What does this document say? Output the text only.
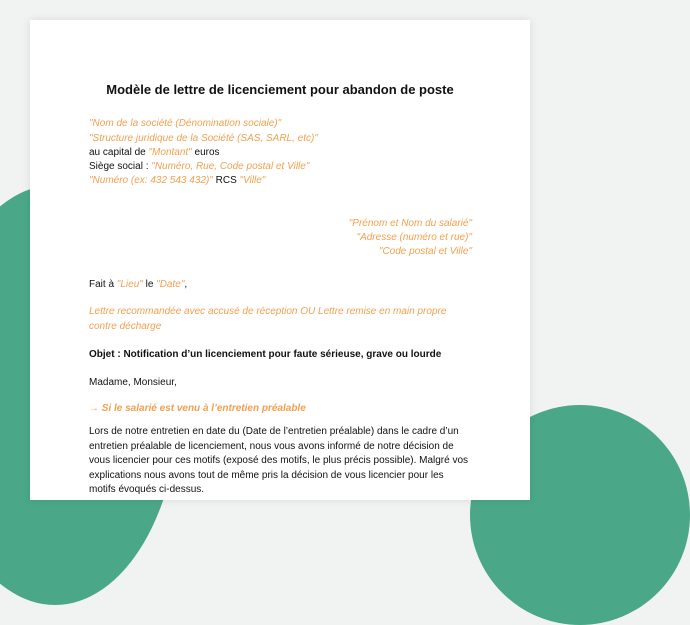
Modèle de lettre de licenciement pour abandon de poste
"Nom de la société (Dénomination sociale)"
"Structure juridique de la Société (SAS, SARL, etc)"
au capital de "Montant" euros
Siège social : "Numéro, Rue, Code postal et Ville"
"Numéro (ex: 432 543 432)" RCS "Ville"
"Prénom et Nom du salarié"
"Adresse (numéro et rue)"
"Code postal et Ville"
Fait à "Lieu" le "Date",
Lettre recommandée avec accusé de réception OU Lettre remise en main propre contre décharge
Objet : Notification d’un licenciement pour faute sérieuse, grave ou lourde
Madame, Monsieur,
→ Si le salarié est venu à l’entretien préalable
Lors de notre entretien en date du (Date de l’entretien préalable) dans le cadre d’un entretien préalable de licenciement, nous vous avons informé de notre décision de vous licencier pour ces motifs (exposé des motifs, le plus précis possible). Malgré vos explications nous avons tout de même pris la décision de vous licencier pour les motifs évoqués ci-dessus.
